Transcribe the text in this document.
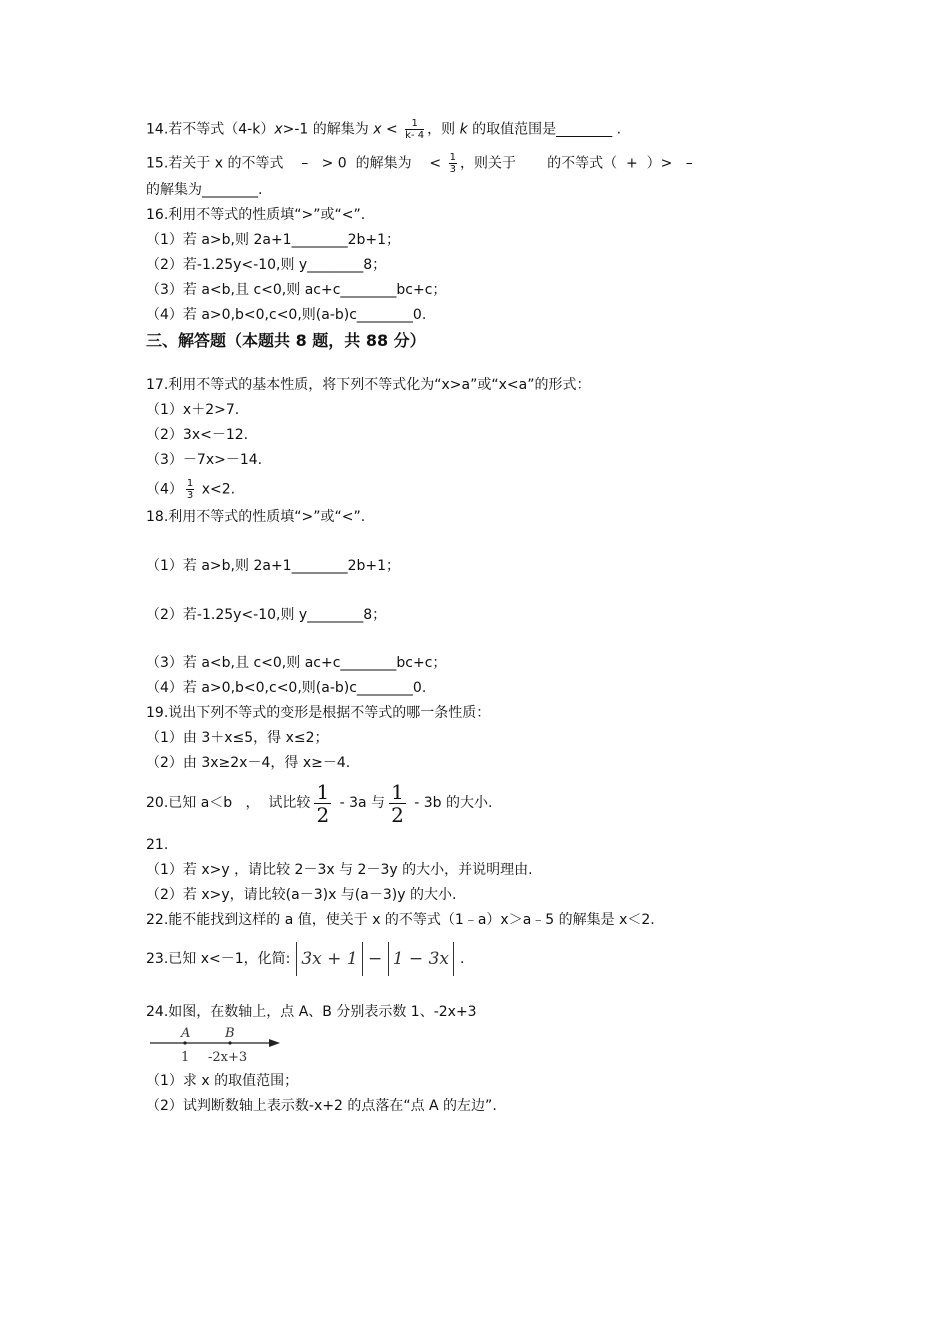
14.若不等式（4-k）x>-1 的解集为 $x < \frac{1}{k- 4}$ ，则 k 的取值范围是________ .
15.若关于 x 的不等式    –   > 0  的解集为    < $\frac{1}{3}$ ，则关于       的不等式（  +  ）>   –
的解集为________.
16.利用不等式的性质填“>”或“<”.
（1）若 a>b,则 2a+1________2b+1；
（2）若-1.25y<-10,则 y________8；
（3）若 a<b,且 c<0,则 ac+c________bc+c；
（4）若 a>0,b<0,c<0,则(a-b)c________0.
三、解答题（本题共 8 题，共 88 分）
17.利用不等式的基本性质，将下列不等式化为“x>a”或“x<a”的形式：
（1）x＋2>7.
（2）3x<－12.
（3）－7x>－14.
$(4) \frac{1}{3} x<2$.
18.利用不等式的性质填“>”或“<”.
（1）若 a>b,则 2a+1________2b+1；
（2）若-1.25y<-10,则 y________8；
（3）若 a<b,且 c<0,则 ac+c________bc+c；
（4）若 a>0,b<0,c<0,则(a-b)c________0.
19.说出下列不等式的变形是根据不等式的哪一条性质：
（1）由 3＋x≤5，得 x≤2；
（2）由 3x≥2x－4，得 x≥－4.
20.已知 a＜b   ，  试比较 $\frac{1}{2} - 3a$ 与 $\frac{1}{2} - 3b$ 的大小.
21.
（1）若 x>y ，请比较 2－3x 与 2－3y 的大小，并说明理由.
（2）若 x>y，请比较(a－3)x 与(a－3)y 的大小.
22.能不能找到这样的 a 值，使关于 x 的不等式（1﹣a）x＞a﹣5 的解集是 x＜2.
23.已知 x<－1，化简: 3x + 1 − 1 − 3x .
24.如图，在数轴上，点 A、B 分别表示数 1、-2x+3
A	B
1 -2x+3
（1）求 x 的取值范围；
（2）试判断数轴上表示数-x+2 的点落在“点 A 的左边”.
